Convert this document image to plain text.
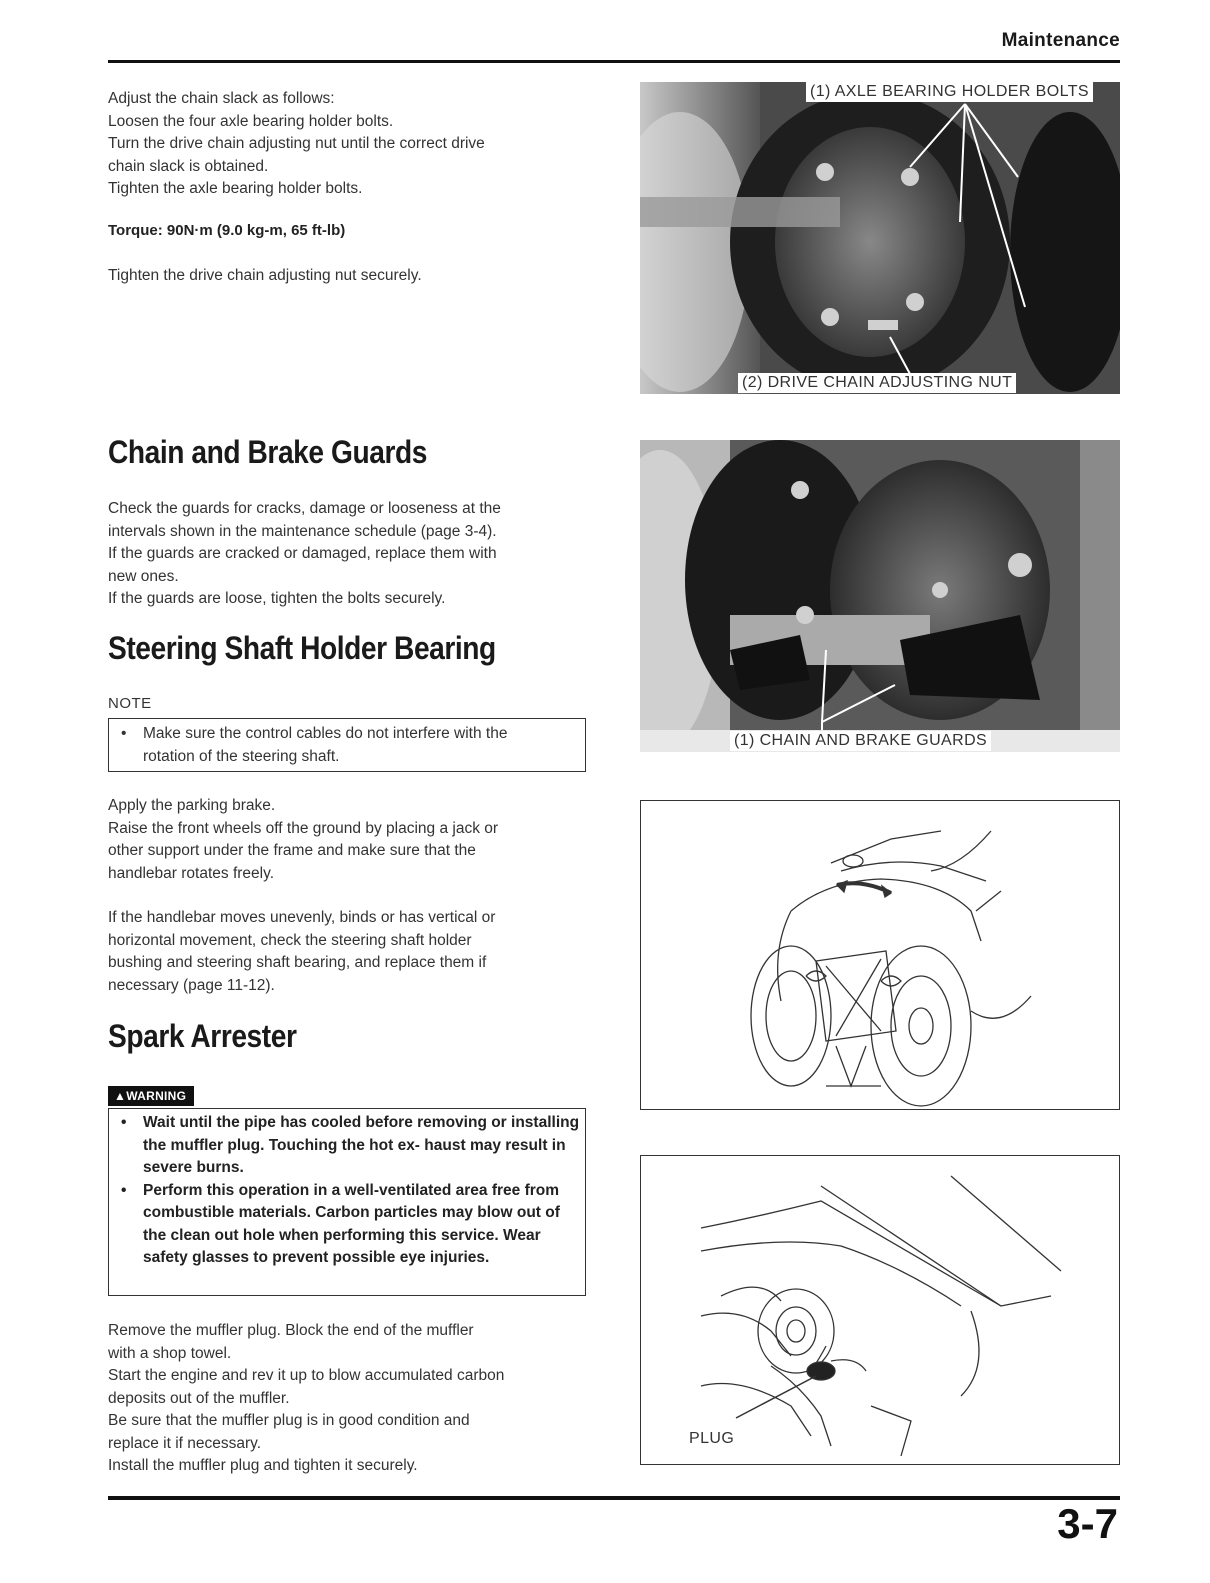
Maintenance

Adjust the chain slack as follows:
Loosen the four axle bearing holder bolts.
Turn the drive chain adjusting nut until the correct drive
chain slack is obtained.
Tighten the axle bearing holder bolts.

Torque: 90N·m (9.0 kg-m, 65 ft-lb)
Tighten the drive chain adjusting nut securely.
Chain and Brake Guards

Check the guards for cracks, damage or looseness at the
intervals shown in the maintenance schedule (page 3-4).
If the guards are cracked or damaged, replace them with
new ones.
If the guards are loose, tighten the bolts securely.

Steering Shaft Holder Bearing
NOTE
• Make sure the control cables do not interfere with the
rotation of the steering shaft.

Apply the parking brake.
Raise the front wheels off the ground by placing a jack or
other support under the frame and make sure that the
handlebar rotates freely.

If the handlebar moves unevenly, binds or has vertical or
horizontal movement, check the steering shaft holder
bushing and steering shaft bearing, and replace them if
necessary (page 11-12).

Spark Arrester
▲WARNING
• Wait until the pipe has cooled before removing or installing the muffler plug. Touching the hot ex- haust may result in severe burns.
• Perform this operation in a well-ventilated area free from combustible materials. Carbon particles may blow out of the clean out hole when performing this service. Wear safety glasses to prevent possible eye injuries.

Remove the muffler plug. Block the end of the muffler
with a shop towel.
Start the engine and rev it up to blow accumulated carbon
deposits out of the muffler.
Be sure that the muffler plug is in good condition and
replace it if necessary.
Install the muffler plug and tighten it securely.

(1) AXLE BEARING HOLDER BOLTS
(2) DRIVE CHAIN ADJUSTING NUT
(1) CHAIN AND BRAKE GUARDS
PLUG
3-7
